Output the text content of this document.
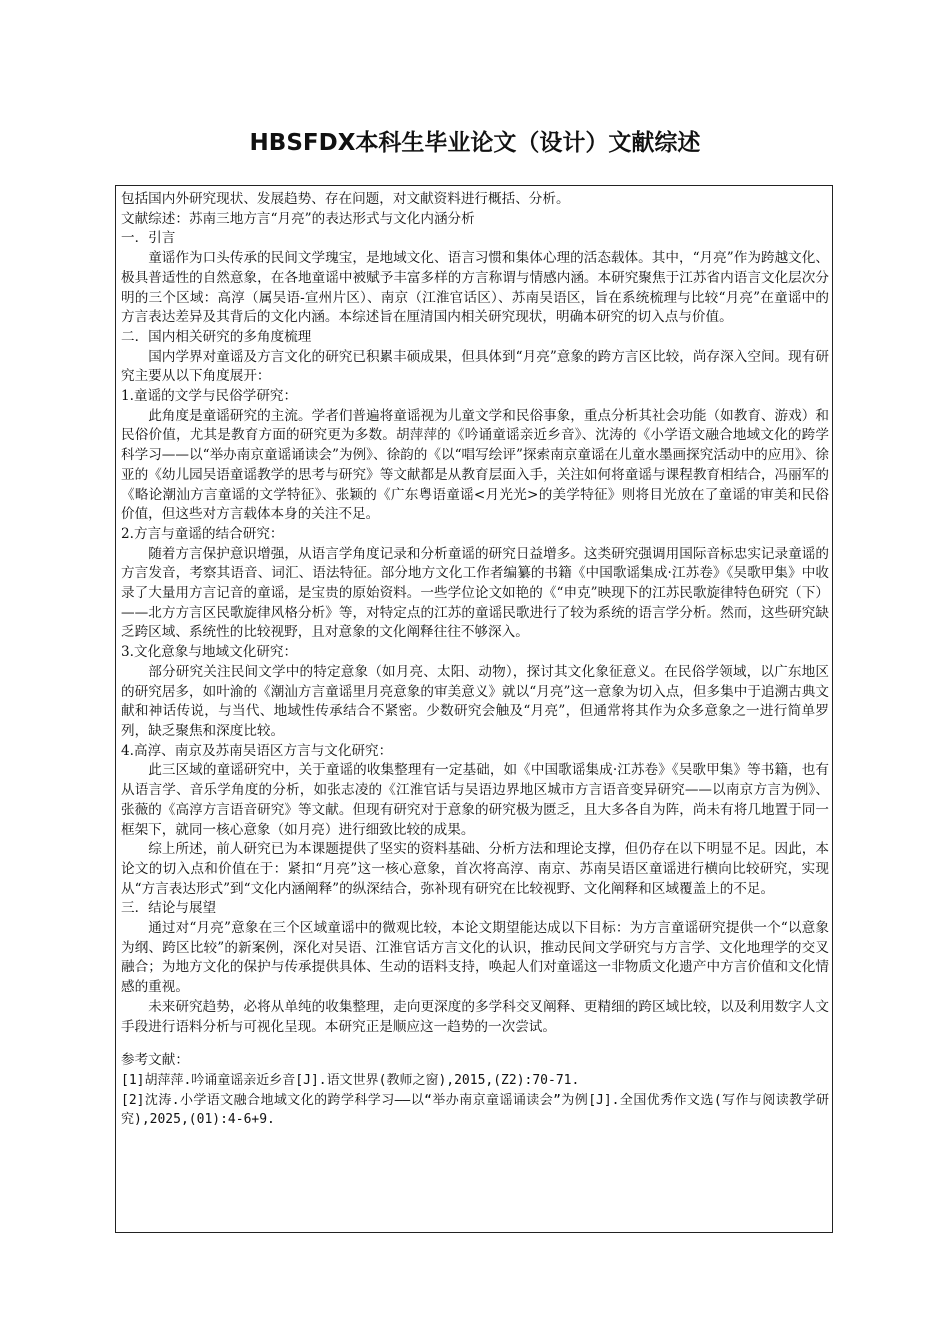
HBSFDX本科生毕业论文（设计）文献综述

包括国内外研究现状、发展趋势、存在问题，对文献资料进行概括、分析。

文献综述：苏南三地方言“月亮”的表达形式与文化内涵分析

一．引言

童谣作为口头传承的民间文学瑰宝，是地域文化、语言习惯和集体心理的活态载体。其中，“月亮”作为跨越文化、极具普适性的自然意象，在各地童谣中被赋予丰富多样的方言称谓与情感内涵。本研究聚焦于江苏省内语言文化层次分明的三个区域：高淳（属吴语-宣州片区）、南京（江淮官话区）、苏南吴语区，旨在系统梳理与比较“月亮”在童谣中的方言表达差异及其背后的文化内涵。本综述旨在厘清国内相关研究现状，明确本研究的切入点与价值。

二．国内相关研究的多角度梳理

国内学界对童谣及方言文化的研究已积累丰硕成果，但具体到“月亮”意象的跨方言区比较，尚存深入空间。现有研究主要从以下角度展开：

1.童谣的文学与民俗学研究：

此角度是童谣研究的主流。学者们普遍将童谣视为儿童文学和民俗事象，重点分析其社会功能（如教育、游戏）和民俗价值，尤其是教育方面的研究更为多数。胡萍萍的《吟诵童谣亲近乡音》、沈涛的《小学语文融合地域文化的跨学科学习——以“举办南京童谣诵读会”为例》、徐韵的《以“唱写绘评”探索南京童谣在儿童水墨画探究活动中的应用》、徐亚的《幼儿园吴语童谣教学的思考与研究》等文献都是从教育层面入手，关注如何将童谣与课程教育相结合，冯丽军的《略论潮汕方言童谣的文学特征》、张颖的《广东粤语童谣<月光光>的美学特征》则将目光放在了童谣的审美和民俗价值，但这些对方言载体本身的关注不足。

2.方言与童谣的结合研究：

随着方言保护意识增强，从语言学角度记录和分析童谣的研究日益增多。这类研究强调用国际音标忠实记录童谣的方言发音，考察其语音、词汇、语法特征。部分地方文化工作者编纂的书籍《中国歌谣集成·江苏卷》《吴歌甲集》中收录了大量用方言记音的童谣，是宝贵的原始资料。一些学位论文如艳的《“申克”映现下的江苏民歌旋律特色研究（下）——北方方言区民歌旋律风格分析》等，对特定点的江苏的童谣民歌进行了较为系统的语言学分析。然而，这些研究缺乏跨区域、系统性的比较视野，且对意象的文化阐释往往不够深入。

3.文化意象与地域文化研究：

部分研究关注民间文学中的特定意象（如月亮、太阳、动物），探讨其文化象征意义。在民俗学领域，以广东地区的研究居多，如叶渝的《潮汕方言童谣里月亮意象的审美意义》就以“月亮”这一意象为切入点，但多集中于追溯古典文献和神话传说，与当代、地域性传承结合不紧密。少数研究会触及“月亮”，但通常将其作为众多意象之一进行简单罗列，缺乏聚焦和深度比较。

4.高淳、南京及苏南吴语区方言与文化研究：

此三区域的童谣研究中，关于童谣的收集整理有一定基础，如《中国歌谣集成·江苏卷》《吴歌甲集》等书籍，也有从语言学、音乐学角度的分析，如张志凌的《江淮官话与吴语边界地区城市方言语音变异研究——以南京方言为例》、张薇的《高淳方言语音研究》等文献。但现有研究对于意象的研究极为匮乏，且大多各自为阵，尚未有将几地置于同一框架下，就同一核心意象（如月亮）进行细致比较的成果。

综上所述，前人研究已为本课题提供了坚实的资料基础、分析方法和理论支撑，但仍存在以下明显不足。因此，本论文的切入点和价值在于：紧扣“月亮”这一核心意象，首次将高淳、南京、苏南吴语区童谣进行横向比较研究，实现从“方言表达形式”到“文化内涵阐释”的纵深结合，弥补现有研究在比较视野、文化阐释和区域覆盖上的不足。

三．结论与展望

通过对“月亮”意象在三个区域童谣中的微观比较，本论文期望能达成以下目标：为方言童谣研究提供一个“以意象为纲、跨区比较”的新案例，深化对吴语、江淮官话方言文化的认识，推动民间文学研究与方言学、文化地理学的交叉融合；为地方文化的保护与传承提供具体、生动的语料支持，唤起人们对童谣这一非物质文化遗产中方言价值和文化情感的重视。

未来研究趋势，必将从单纯的收集整理，走向更深度的多学科交叉阐释、更精细的跨区域比较，以及利用数字人文手段进行语料分析与可视化呈现。本研究正是顺应这一趋势的一次尝试。

参考文献：

[1]胡萍萍.吟诵童谣亲近乡音[J].语文世界(教师之窗),2015,(Z2):70-71.

[2]沈涛.小学语文融合地域文化的跨学科学习——以“举办南京童谣诵读会”为例[J].全国优秀作文选(写作与阅读教学研究),2025,(01):4-6+9.
